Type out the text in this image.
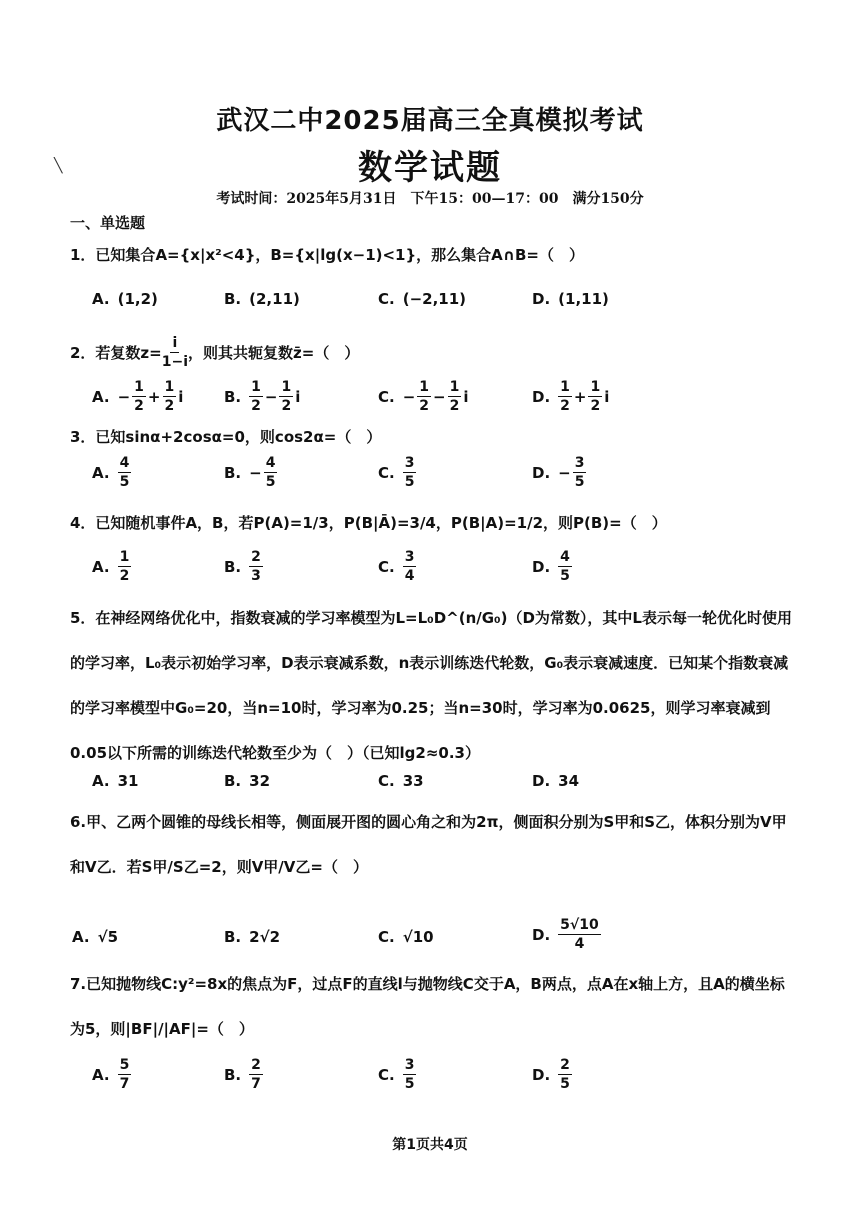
╲
武汉二中2025届高三全真模拟考试
数学试题
考试时间：2025年5月31日　下午15：00—17：00　满分150分
一、单选题
1．已知集合A={x|x²<4}，B={x|lg(x−1)<1}，那么集合A∩B=（　）
A. (1,2)	B. (2,11)	C. (−2,11)	D. (1,11)
2．若复数$z= \frac{i}{1-i}$ ，则其共轭复数z̄=（　）
A. − $\frac{1}{2} + \frac{1}{2}$ i	B. $\frac{1}{2} - \frac{1}{2}$ i	C. − $\frac{1}{2} - \frac{1}{2}$ i	D. $\frac{1}{2} + \frac{1}{2}$ i
3．已知sinα+2cosα=0，则cos2α=（　）
A. $\frac{4}{5}$	B. − $\frac{4}{5}$	C. $\frac{3}{5}$	D. − $\frac{3}{5}$
4．已知随机事件A，B，若P(A)=1/3，P(B|Ā)=3/4，P(B|A)=1/2，则P(B)=（　）
A. $\frac{1}{2}$	B. $\frac{2}{3}$	C. $\frac{3}{4}$	D. $\frac{4}{5}$
5．在神经网络优化中，指数衰减的学习率模型为L=L₀D^(n/G₀)（D为常数），其中L表示每一轮优化时使用的学习率，L₀表示初始学习率，D表示衰减系数，n表示训练迭代轮数，G₀表示衰减速度．已知某个指数衰减的学习率模型中G₀=20，当n=10时，学习率为0.25；当n=30时，学习率为0.0625，则学习率衰减到0.05以下所需的训练迭代轮数至少为（　）（已知lg2≈0.3）
A. 31	B. 32	C. 33	D. 34
6.甲、乙两个圆锥的母线长相等，侧面展开图的圆心角之和为2π，侧面积分别为S甲和S乙，体积分别为V甲和V乙．若S甲/S乙=2，则V甲/V乙=（　）
A. √5	B. 2√2	C. √10	D. $\frac{5√10}{4}$
7.已知抛物线C:y²=8x的焦点为F，过点F的直线l与抛物线C交于A，B两点，点A在x轴上方，且A的横坐标为5，则|BF|/|AF|=（　）
A. $\frac{5}{7}$	B. $\frac{2}{7}$	C. $\frac{3}{5}$	D. $\frac{2}{5}$
第1页共4页
